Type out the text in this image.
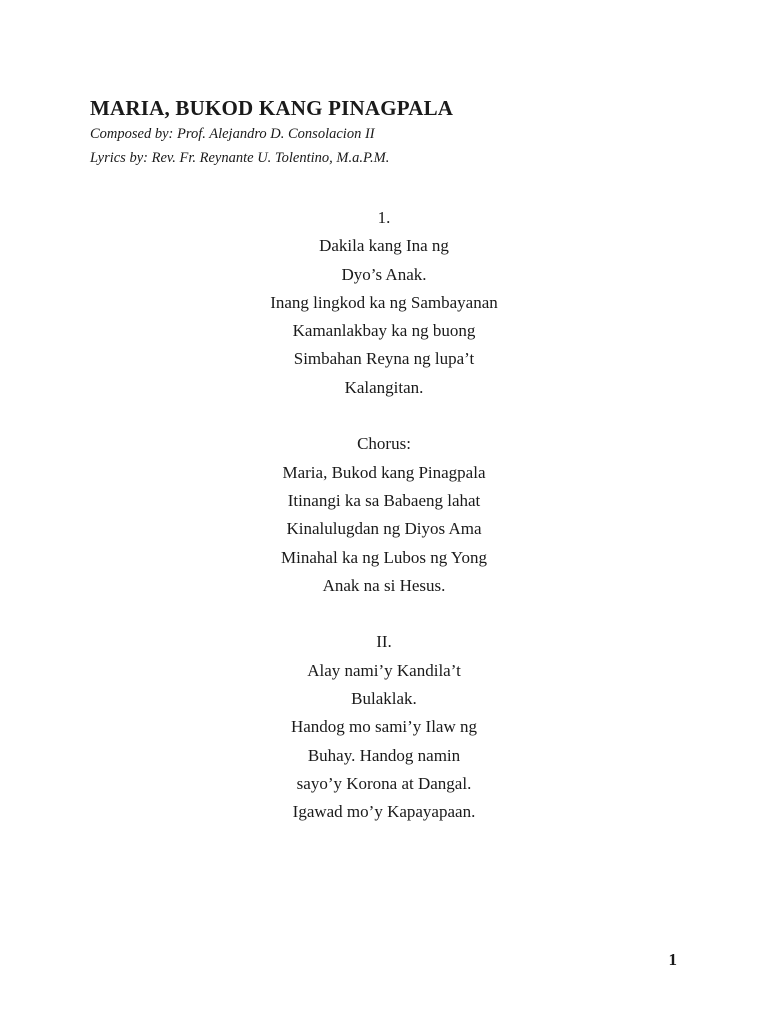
MARIA, BUKOD KANG PINAGPALA

Composed by: Prof. Alejandro D. Consolacion II

Lyrics by: Rev. Fr. Reynante U. Tolentino, M.a.P.M.

1.
Dakila kang Ina ng
Dyo’s Anak.
Inang lingkod ka ng Sambayanan
Kamanlakbay ka ng buong
Simbahan Reyna ng lupa’t
Kalangitan.
Chorus:
Maria, Bukod kang Pinagpala
Itinangi ka sa Babaeng lahat
Kinalulugdan ng Diyos Ama
Minahal ka ng Lubos ng Yong
Anak na si Hesus.
II.
Alay nami’y Kandila’t
Bulaklak.
Handog mo sami’y Ilaw ng
Buhay. Handog namin
sayo’y Korona at Dangal.
Igawad mo’y Kapayapaan.
1
